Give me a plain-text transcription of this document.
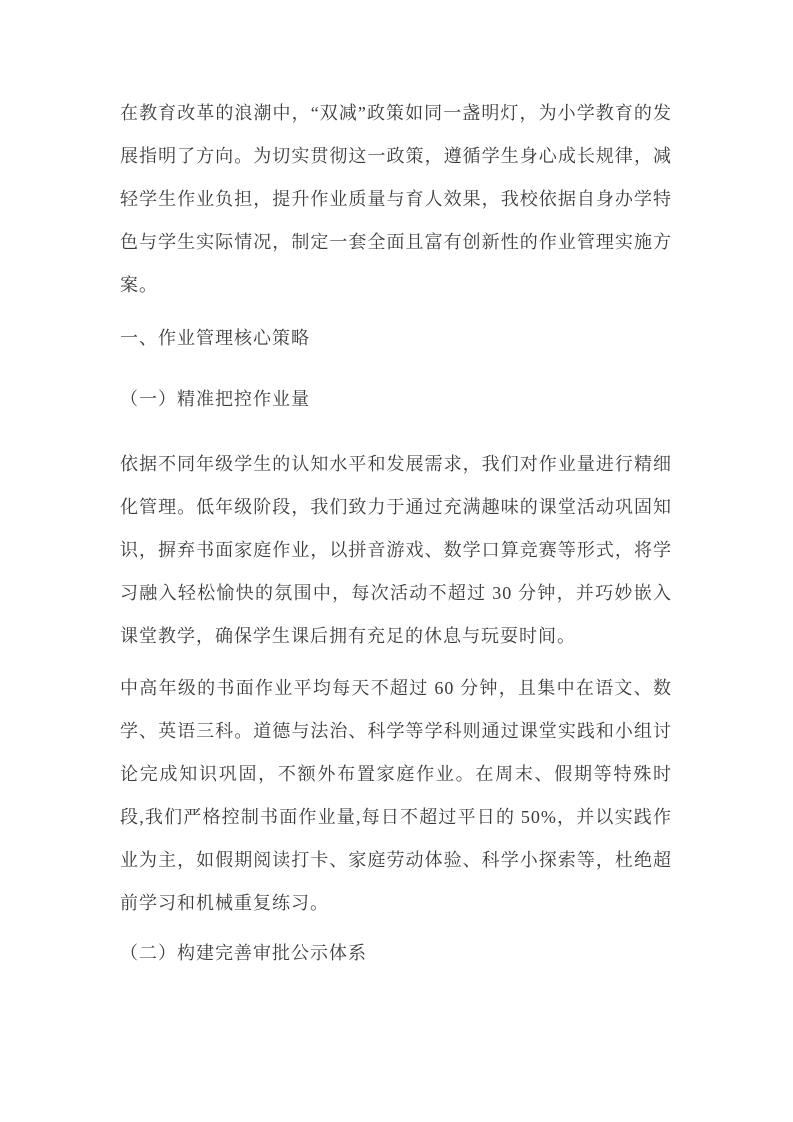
在教育改革的浪潮中，“双减”政策如同一盏明灯，为小学教育的发展指明了方向。为切实贯彻这一政策，遵循学生身心成长规律，减轻学生作业负担，提升作业质量与育人效果，我校依据自身办学特色与学生实际情况，制定一套全面且富有创新性的作业管理实施方案。

一、作业管理核心策略
（一）精准把控作业量

依据不同年级学生的认知水平和发展需求，我们对作业量进行精细化管理。低年级阶段，我们致力于通过充满趣味的课堂活动巩固知识，摒弃书面家庭作业，以拼音游戏、数学口算竞赛等形式，将学习融入轻松愉快的氛围中，每次活动不超过 30 分钟，并巧妙嵌入课堂教学，确保学生课后拥有充足的休息与玩耍时间。

中高年级的书面作业平均每天不超过 60 分钟，且集中在语文、数学、英语三科。道德与法治、科学等学科则通过课堂实践和小组讨论完成知识巩固，不额外布置家庭作业。在周末、假期等特殊时段,我们严格控制书面作业量,每日不超过平日的 50%，并以实践作业为主，如假期阅读打卡、家庭劳动体验、科学小探索等，杜绝超前学习和机械重复练习。

（二）构建完善审批公示体系
